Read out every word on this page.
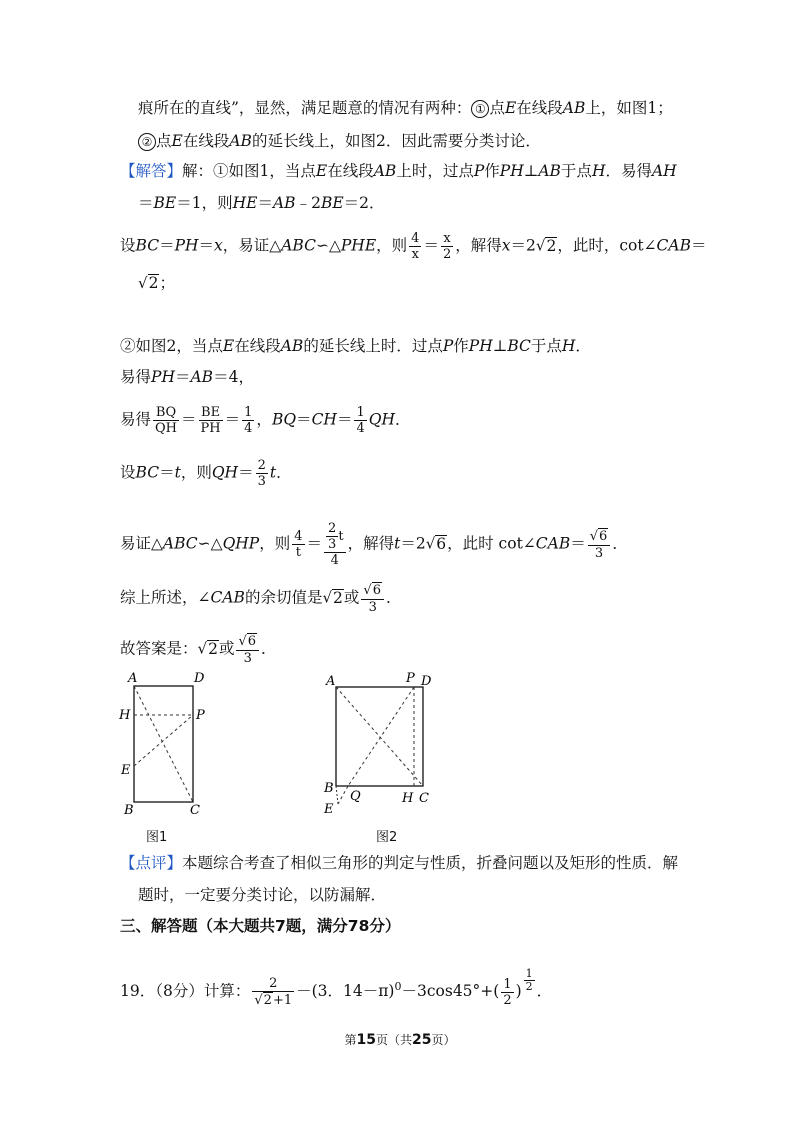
痕所在的直线”，显然，满足题意的情况有两种： ① 点E在线段AB上，如图1；
② 点E在线段AB的延长线上，如图2．因此需要分类讨论．
【解答】解：①如图1，当点E在线段AB上时，过点P作PH⊥AB于点H．易得AH
＝BE＝1，则HE＝AB﹣2BE＝2．
设BC＝PH＝x，易证△ABC∽△PHE，则 $\frac{4}{x} = \frac{x}{2}$ ，解得x＝2√2，此时，cot∠CAB＝
√2；
②如图2，当点E在线段AB的延长线上时．过点P作PH⊥BC于点H．
易得PH＝AB＝4，
易得 $\frac{BQ}{QH} = \frac{BE}{PH} = \frac{1}{4}$ ，$BQ=CH= \frac{1}{4}$ QH．
设BC＝t，则$QH= \frac{2}{3}$ t．
易证△ABC∽△QHP，则 $\frac{4}{t} = \frac{\frac{2}{3} t}{4}$ ，解得t＝2√6，此时 cot∠CAB＝ $\frac{√6}{3}$ ．
综上所述，∠CAB的余切值是√2或 $\frac{√6}{3}$ ．
故答案是：√2或 $\frac{√6}{3}$ ．
A	D
H	P
E
B	C
图1
A	P D
B
Q
E
H C
图2
【点评】本题综合考查了相似三角形的判定与性质，折叠问题以及矩形的性质．解
题时，一定要分类讨论，以防漏解．
三、解答题（本大题共7题，满分78分）
19．（8分）计算： $\frac{2}{√2+1} -(3$．$14-\pi)^0-3\cos 45^\circ+( \frac{1}{2}$ ) $\frac{1}{2}$ ．
第15页（共25页）
